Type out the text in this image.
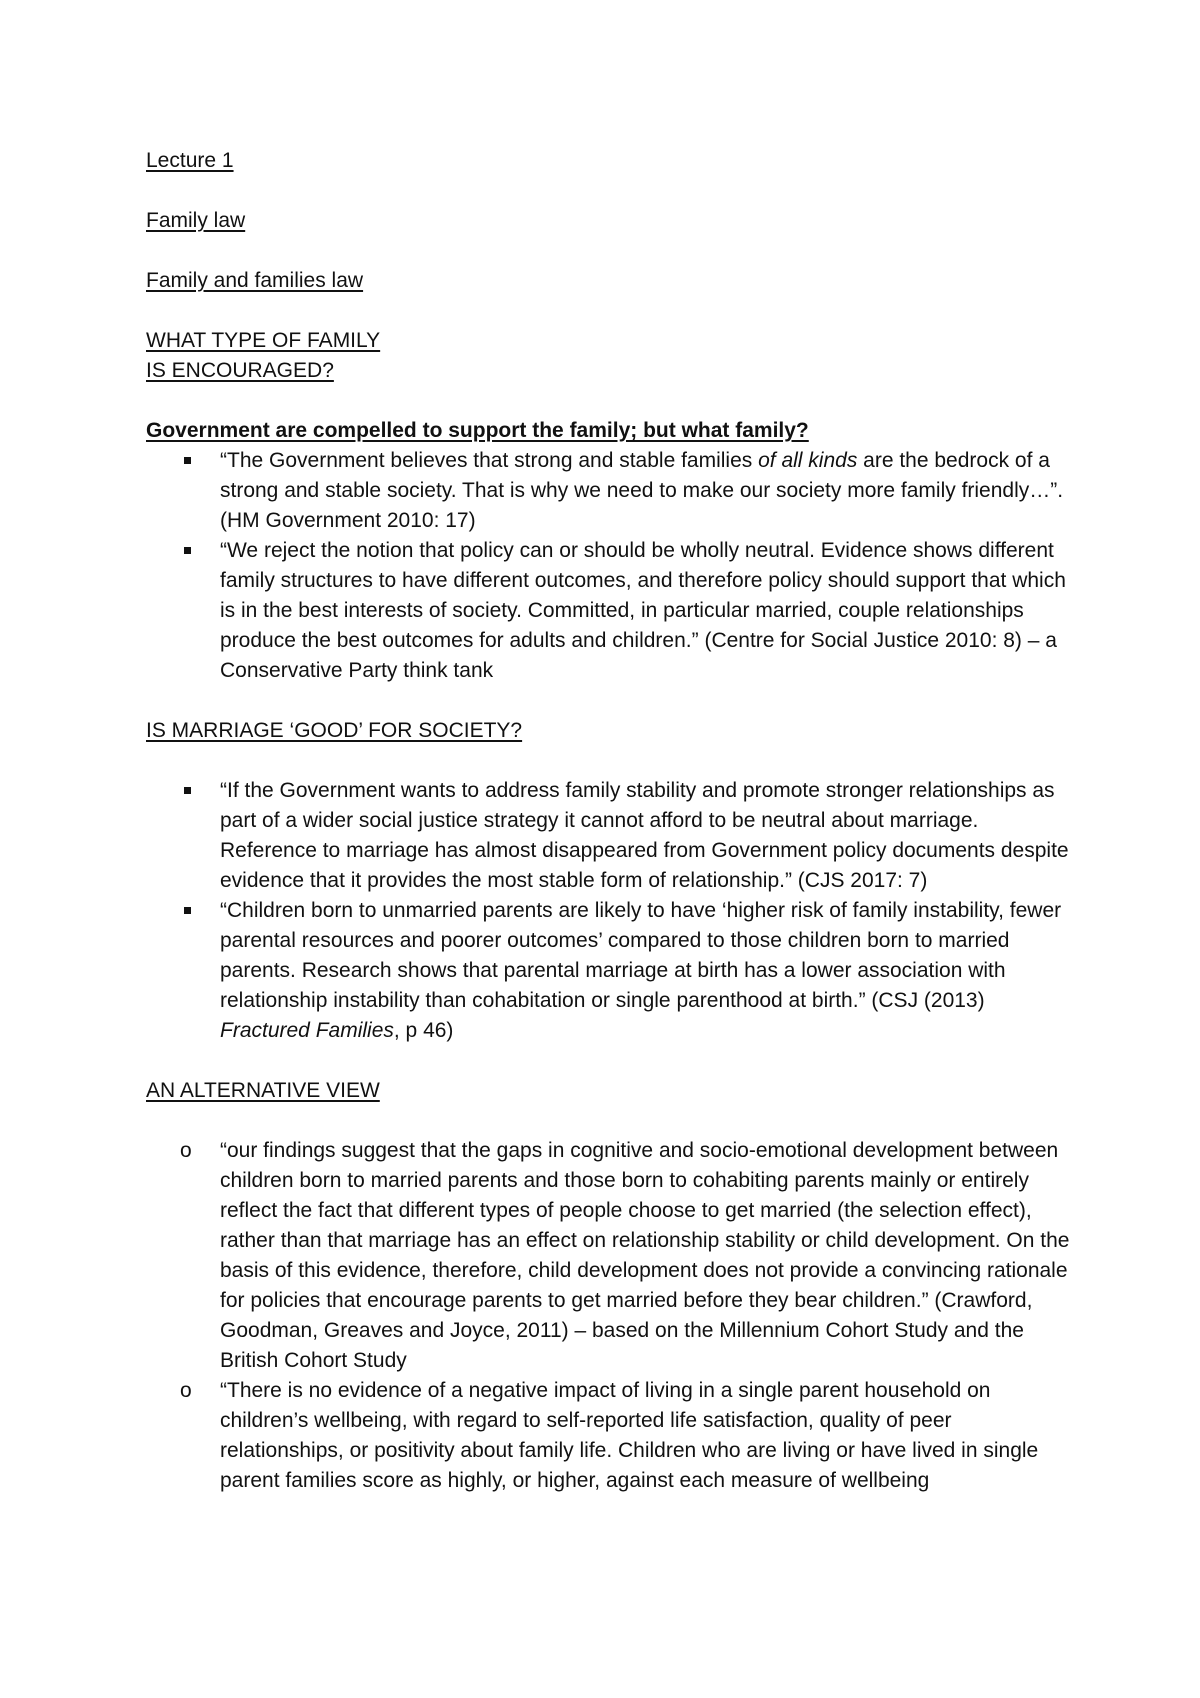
Lecture 1

Family law

Family and families law

WHAT TYPE OF FAMILY

IS ENCOURAGED?

Government are compelled to support the family; but what family?

“The Government believes that strong and stable families of all kinds are the bedrock of a strong and stable society. That is why we need to make our society more family friendly…”. (HM Government 2010: 17)
“We reject the notion that policy can or should be wholly neutral. Evidence shows different family structures to have different outcomes, and therefore policy should support that which is in the best interests of society. Committed, in particular married, couple relationships produce the best outcomes for adults and children.” (Centre for Social Justice 2010: 8) – a Conservative Party think tank

IS MARRIAGE ‘GOOD’ FOR SOCIETY?

“If the Government wants to address family stability and promote stronger relationships as part of a wider social justice strategy it cannot afford to be neutral about marriage. Reference to marriage has almost disappeared from Government policy documents despite evidence that it provides the most stable form of relationship.” (CJS 2017: 7)
“Children born to unmarried parents are likely to have ‘higher risk of family instability, fewer parental resources and poorer outcomes’ compared to those children born to married parents. Research shows that parental marriage at birth has a lower association with relationship instability than cohabitation or single parenthood at birth.” (CSJ (2013) Fractured Families, p 46)

AN ALTERNATIVE VIEW

o “our findings suggest that the gaps in cognitive and socio-emotional development between children born to married parents and those born to cohabiting parents mainly or entirely reflect the fact that different types of people choose to get married (the selection effect), rather than that marriage has an effect on relationship stability or child development. On the basis of this evidence, therefore, child development does not provide a convincing rationale for policies that encourage parents to get married before they bear children.” (Crawford, Goodman, Greaves and Joyce, 2011) – based on the Millennium Cohort Study and the British Cohort Study
o “There is no evidence of a negative impact of living in a single parent household on children’s wellbeing, with regard to self-reported life satisfaction, quality of peer relationships, or positivity about family life. Children who are living or have lived in single parent families score as highly, or higher, against each measure of wellbeing
